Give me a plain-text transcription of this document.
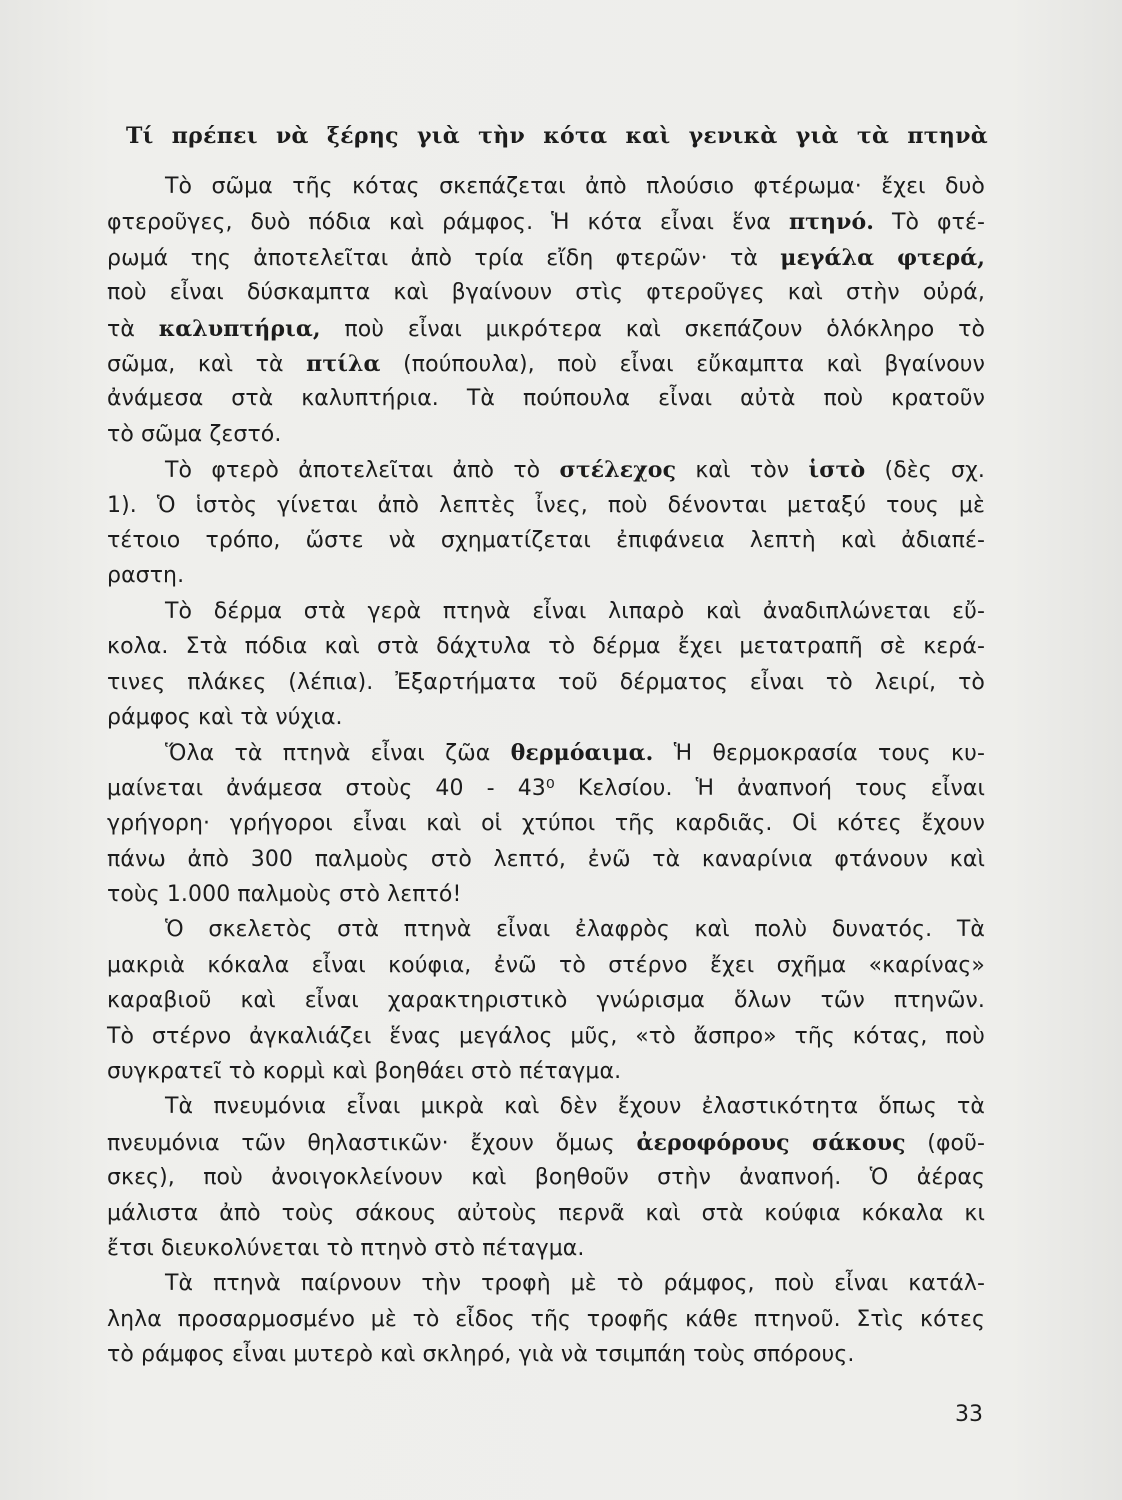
Τί πρέπει νὰ ξέρης γιὰ τὴν κότα καὶ γενικὰ γιὰ τὰ πτηνὰ
Τὸ σῶμα τῆς κότας σκεπάζεται ἀπὸ πλούσιο φτέρωμα· ἔχει δυὸ
φτεροῦγες, δυὸ πόδια καὶ ράμφος. Ἡ κότα εἶναι ἕνα πτηνό. Τὸ φτέ-
ρωμά της ἀποτελεῖται ἀπὸ τρία εἴδη φτερῶν· τὰ μεγάλα φτερά,
ποὺ εἶναι δύσκαμπτα καὶ βγαίνουν στὶς φτεροῦγες καὶ στὴν οὐρά,
τὰ καλυπτήρια, ποὺ εἶναι μικρότερα καὶ σκεπάζουν ὁλόκληρο τὸ
σῶμα, καὶ τὰ πτίλα (πούπουλα), ποὺ εἶναι εὔκαμπτα καὶ βγαίνουν
ἀνάμεσα στὰ καλυπτήρια. Τὰ πούπουλα εἶναι αὐτὰ ποὺ κρατοῦν
τὸ σῶμα ζεστό.
Τὸ φτερὸ ἀποτελεῖται ἀπὸ τὸ στέλεχος καὶ τὸν ἱστὸ (δὲς σχ.
1). Ὁ ἱστὸς γίνεται ἀπὸ λεπτὲς ἶνες, ποὺ δένονται μεταξύ τους μὲ
τέτοιο τρόπο, ὥστε νὰ σχηματίζεται ἐπιφάνεια λεπτὴ καὶ ἀδιαπέ-
ραστη.
Τὸ δέρμα στὰ γερὰ πτηνὰ εἶναι λιπαρὸ καὶ ἀναδιπλώνεται εὔ-
κολα. Στὰ πόδια καὶ στὰ δάχτυλα τὸ δέρμα ἔχει μετατραπῆ σὲ κερά-
τινες πλάκες (λέπια). Ἐξαρτήματα τοῦ δέρματος εἶναι τὸ λειρί, τὸ
ράμφος καὶ τὰ νύχια.
Ὅλα τὰ πτηνὰ εἶναι ζῶα θερμόαιμα. Ἡ θερμοκρασία τους κυ-
μαίνεται ἀνάμεσα στοὺς 40 - 43⁰ Κελσίου. Ἡ ἀναπνοή τους εἶναι
γρήγορη· γρήγοροι εἶναι καὶ οἱ χτύποι τῆς καρδιᾶς. Οἱ κότες ἔχουν
πάνω ἀπὸ 300 παλμοὺς στὸ λεπτό, ἐνῶ τὰ καναρίνια φτάνουν καὶ
τοὺς 1.000 παλμοὺς στὸ λεπτό!
Ὁ σκελετὸς στὰ πτηνὰ εἶναι ἐλαφρὸς καὶ πολὺ δυνατός. Τὰ
μακριὰ κόκαλα εἶναι κούφια, ἐνῶ τὸ στέρνο ἔχει σχῆμα «καρίνας»
καραβιοῦ καὶ εἶναι χαρακτηριστικὸ γνώρισμα ὅλων τῶν πτηνῶν.
Τὸ στέρνο ἀγκαλιάζει ἕνας μεγάλος μῦς, «τὸ ἄσπρο» τῆς κότας, ποὺ
συγκρατεῖ τὸ κορμὶ καὶ βοηθάει στὸ πέταγμα.
Τὰ πνευμόνια εἶναι μικρὰ καὶ δὲν ἔχουν ἐλαστικότητα ὅπως τὰ
πνευμόνια τῶν θηλαστικῶν· ἔχουν ὅμως ἀεροφόρους σάκους (φοῦ-
σκες), ποὺ ἀνοιγοκλείνουν καὶ βοηθοῦν στὴν ἀναπνοή. Ὁ ἀέρας
μάλιστα ἀπὸ τοὺς σάκους αὐτοὺς περνᾶ καὶ στὰ κούφια κόκαλα κι
ἔτσι διευκολύνεται τὸ πτηνὸ στὸ πέταγμα.
Τὰ πτηνὰ παίρνουν τὴν τροφὴ μὲ τὸ ράμφος, ποὺ εἶναι κατάλ-
ληλα προσαρμοσμένο μὲ τὸ εἶδος τῆς τροφῆς κάθε πτηνοῦ. Στὶς κότες
τὸ ράμφος εἶναι μυτερὸ καὶ σκληρό, γιὰ νὰ τσιμπάη τοὺς σπόρους.
33
